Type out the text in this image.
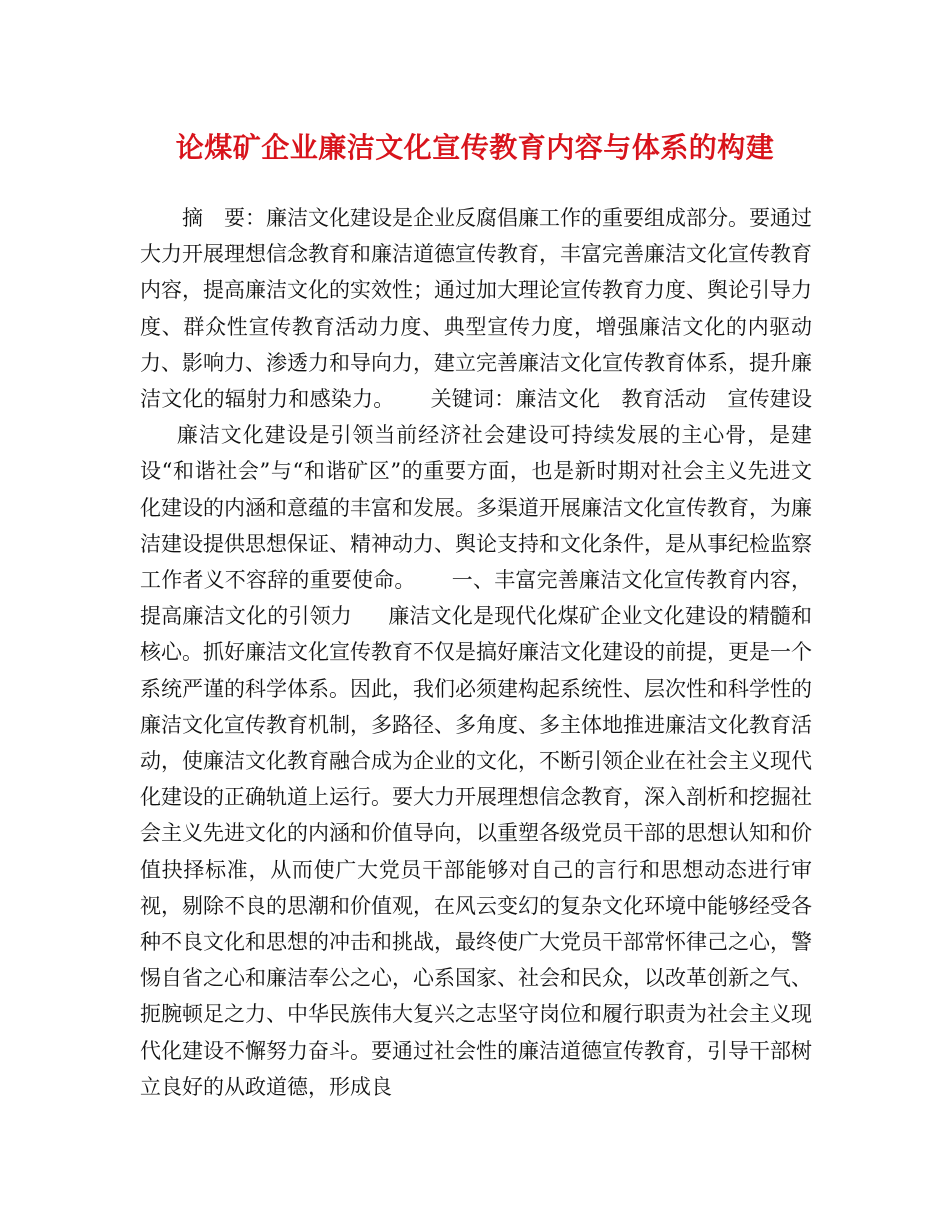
论煤矿企业廉洁文化宣传教育内容与体系的构建

摘　要：廉洁文化建设是企业反腐倡廉工作的重要组成部分。要通过大力开展理想信念教育和廉洁道德宣传教育，丰富完善廉洁文化宣传教育内容，提高廉洁文化的实效性；通过加大理论宣传教育力度、舆论引导力度、群众性宣传教育活动力度、典型宣传力度，增强廉洁文化的内驱动力、影响力、渗透力和导向力，建立完善廉洁文化宣传教育体系，提升廉洁文化的辐射力和感染力。 关键词：廉洁文化　教育活动　宣传建设廉洁文化建设是引领当前经济社会建设可持续发展的主心骨，是建设“和谐社会”与“和谐矿区”的重要方面，也是新时期对社会主义先进文化建设的内涵和意蕴的丰富和发展。多渠道开展廉洁文化宣传教育，为廉洁建设提供思想保证、精神动力、舆论支持和文化条件，是从事纪检监察工作者义不容辞的重要使命。 一、丰富完善廉洁文化宣传教育内容，提高廉洁文化的引领力 廉洁文化是现代化煤矿企业文化建设的精髓和核心。抓好廉洁文化宣传教育不仅是搞好廉洁文化建设的前提，更是一个系统严谨的科学体系。因此，我们必须建构起系统性、层次性和科学性的廉洁文化宣传教育机制，多路径、多角度、多主体地推进廉洁文化教育活动，使廉洁文化教育融合成为企业的文化，不断引领企业在社会主义现代化建设的正确轨道上运行。要大力开展理想信念教育，深入剖析和挖掘社会主义先进文化的内涵和价值导向，以重塑各级党员干部的思想认知和价值抉择标准，从而使广大党员干部能够对自己的言行和思想动态进行审视，剔除不良的思潮和价值观，在风云变幻的复杂文化环境中能够经受各种不良文化和思想的冲击和挑战，最终使广大党员干部常怀律己之心，警惕自省之心和廉洁奉公之心，心系国家、社会和民众，以改革创新之气、扼腕顿足之力、中华民族伟大复兴之志坚守岗位和履行职责为社会主义现代化建设不懈努力奋斗。要通过社会性的廉洁道德宣传教育，引导干部树立良好的从政道德，形成良
